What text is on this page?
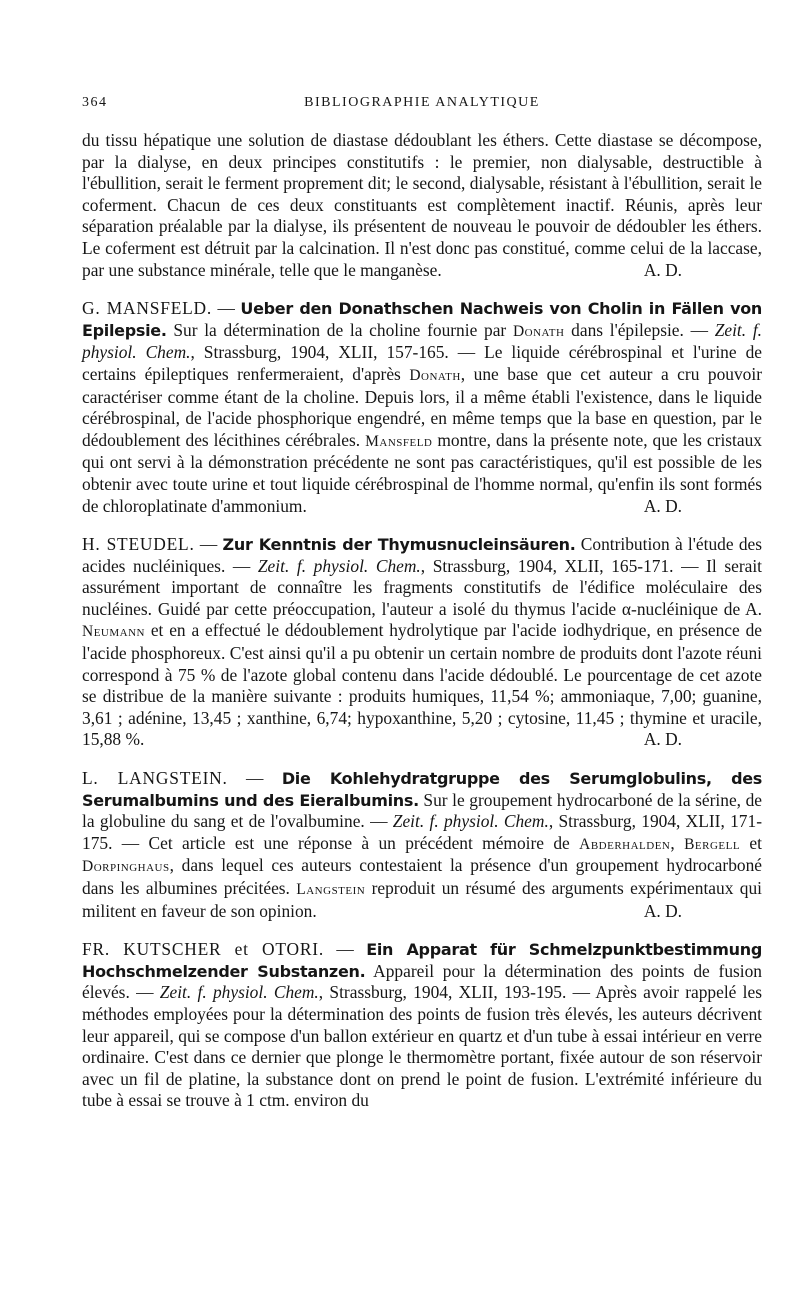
364	BIBLIOGRAPHIE ANALYTIQUE

du tissu hépatique une solution de diastase dédoublant les éthers. Cette diastase se décompose, par la dialyse, en deux principes constitutifs : le premier, non dialysable, destructible à l'ébullition, serait le ferment proprement dit; le second, dialysable, résistant à l'ébullition, serait le coferment. Chacun de ces deux constituants est complètement inactif. Réunis, après leur séparation préalable par la dialyse, ils présentent de nouveau le pouvoir de dédoubler les éthers. Le coferment est détruit par la calcination. Il n'est donc pas constitué, comme celui de la laccase, par une substance minérale, telle que le manganèse.	A. D.

G. MANSFELD. — Ueber den Donathschen Nachweis von Cholin in Fällen von Epilepsie. Sur la détermination de la choline fournie par Donath dans l'épilepsie. — Zeit. f. physiol. Chem., Strassburg, 1904, XLII, 157-165. — Le liquide cérébrospinal et l'urine de certains épileptiques renfermeraient, d'après Donath, une base que cet auteur a cru pouvoir caractériser comme étant de la choline. Depuis lors, il a même établi l'existence, dans le liquide cérébrospinal, de l'acide phosphorique engendré, en même temps que la base en question, par le dédoublement des lécithines cérébrales. Mansfeld montre, dans la présente note, que les cristaux qui ont servi à la démonstration précédente ne sont pas caractéristiques, qu'il est possible de les obtenir avec toute urine et tout liquide cérébrospinal de l'homme normal, qu'enfin ils sont formés de chloroplatinate d'ammonium.	A. D.

H. STEUDEL. — Zur Kenntnis der Thymusnucleinsäuren. Contribution à l'étude des acides nucléiniques. — Zeit. f. physiol. Chem., Strassburg, 1904, XLII, 165-171. — Il serait assurément important de connaître les fragments constitutifs de l'édifice moléculaire des nucléines. Guidé par cette préoccupation, l'auteur a isolé du thymus l'acide α-nucléinique de A. Neumann et en a effectué le dédoublement hydrolytique par l'acide iodhydrique, en présence de l'acide phosphoreux. C'est ainsi qu'il a pu obtenir un certain nombre de produits dont l'azote réuni correspond à 75 % de l'azote global contenu dans l'acide dédoublé. Le pourcentage de cet azote se distribue de la manière suivante : produits humiques, 11,54 %; ammoniaque, 7,00; guanine, 3,61 ; adénine, 13,45 ; xanthine, 6,74; hypoxanthine, 5,20 ; cytosine, 11,45 ; thymine et uracile, 15,88 %.	A. D.

L. LANGSTEIN. — Die Kohlehydratgruppe des Serumglobulins, des Serumalbumins und des Eieralbumins. Sur le groupement hydrocarboné de la sérine, de la globuline du sang et de l'ovalbumine. — Zeit. f. physiol. Chem., Strassburg, 1904, XLII, 171-175. — Cet article est une réponse à un précédent mémoire de Abderhalden, Bergell et Dorpinghaus, dans lequel ces auteurs contestaient la présence d'un groupement hydrocarboné dans les albumines précitées. Langstein reproduit un résumé des arguments expérimentaux qui militent en faveur de son opinion.	A. D.

FR. KUTSCHER et OTORI. — Ein Apparat für Schmelzpunktbestimmung Hochschmelzender Substanzen. Appareil pour la détermination des points de fusion élevés. — Zeit. f. physiol. Chem., Strassburg, 1904, XLII, 193-195. — Après avoir rappelé les méthodes employées pour la détermination des points de fusion très élevés, les auteurs décrivent leur appareil, qui se compose d'un ballon extérieur en quartz et d'un tube à essai intérieur en verre ordinaire. C'est dans ce dernier que plonge le thermomètre portant, fixée autour de son réservoir avec un fil de platine, la substance dont on prend le point de fusion. L'extrémité inférieure du tube à essai se trouve à 1 ctm. environ du
